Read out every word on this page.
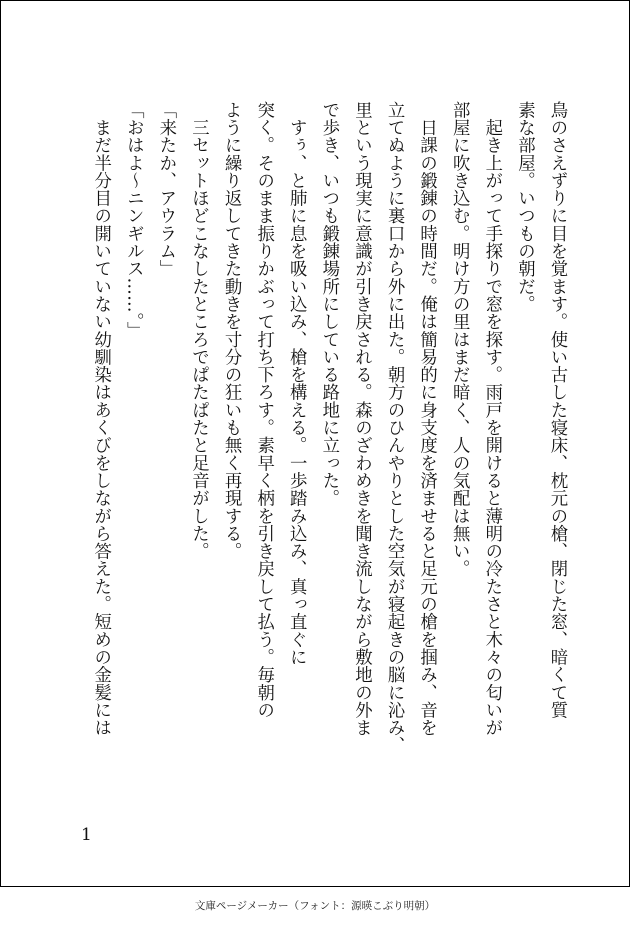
鳥のさえずりに目を覚ます。使い古した寝床、枕元の槍、閉じた窓、暗くて質

素な部屋。いつもの朝だ。

　起き上がって手探りで窓を探す。雨戸を開けると薄明の冷たさと木々の匂いが

部屋に吹き込む。明け方の里はまだ暗く、人の気配は無い。

　日課の鍛錬の時間だ。俺は簡易的に身支度を済ませると足元の槍を掴み、音を

立てぬように裏口から外に出た。朝方のひんやりとした空気が寝起きの脳に沁み、

里という現実に意識が引き戻される。森のざわめきを聞き流しながら敷地の外ま

で歩き、いつも鍛錬場所にしている路地に立った。

　すぅ、と肺に息を吸い込み、槍を構える。一歩踏み込み、真っ直ぐに

突く。そのまま振りかぶって打ち下ろす。素早く柄を引き戻して払う。毎朝の

ように繰り返してきた動きを寸分の狂いも無く再現する。

　三セットほどこなしたところでぱたぱたと足音がした。

「来たか、アウラム」

「おはよ〜ニンギルス……。」

　まだ半分目の開いていない幼馴染はあくびをしながら答えた。短めの金髪には

1
文庫ページメーカー（フォント：源暎こぶり明朝）
